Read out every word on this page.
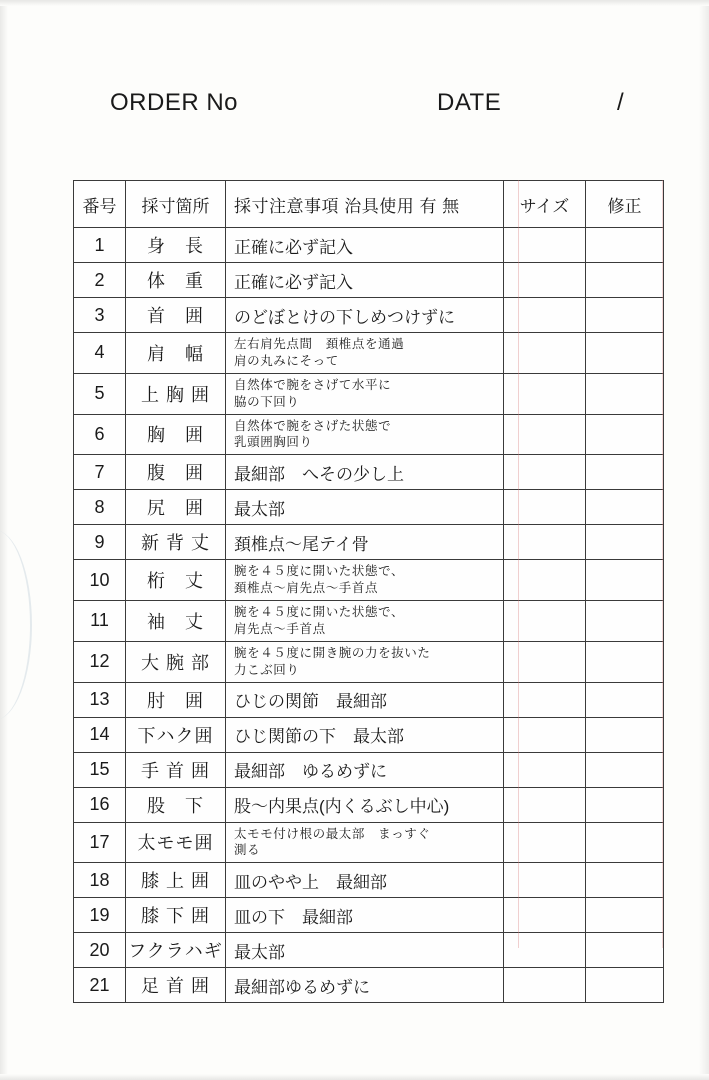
ORDER No	DATE	/
番号	採寸箇所	採寸注意事項 治具使用 有 無	サイズ	修正
1	身　長	正確に必ず記入		

2	体　重	正確に必ず記入		

3	首　囲	のどぼとけの下しめつけずに		

4	肩　幅	左右肩先点間　頚椎点を通過
肩の丸みにそって		

5	上 胸 囲	自然体で腕をさげて水平に
脇の下回り		

6	胸　囲	自然体で腕をさげた状態で
乳頭囲胸回り		

7	腹　囲	最細部　へその少し上		

8	尻　囲	最太部		

9	新 背 丈	頚椎点〜尾テイ骨		

10	桁　丈	腕を４５度に開いた状態で、
頚椎点〜肩先点〜手首点		

11	袖　丈	腕を４５度に開いた状態で、
肩先点〜手首点		

12	大 腕 部	腕を４５度に開き腕の力を抜いた
力こぶ回り		

13	肘　囲	ひじの関節　最細部		

14	下ハク囲	ひじ関節の下　最太部		

15	手 首 囲	最細部　ゆるめずに		

16	股　下	股〜内果点(内くるぶし中心)		

17	太モモ囲	太モモ付け根の最太部　まっすぐ
測る		

18	膝 上 囲	皿のやや上　最細部		

19	膝 下 囲	皿の下　最細部		

20	フクラハギ	最太部		

21	足 首 囲	最細部ゆるめずに		
